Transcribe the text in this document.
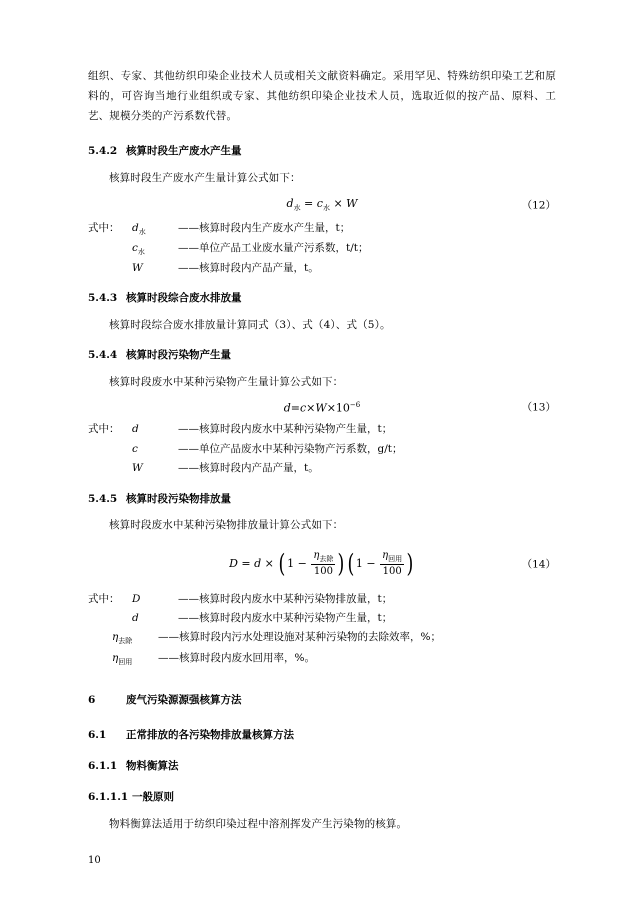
组织、专家、其他纺织印染企业技术人员或相关文献资料确定。采用罕见、特殊纺织印染工艺和原料的，可咨询当地行业组织或专家、其他纺织印染企业技术人员，选取近似的按产品、原料、工艺、规模分类的产污系数代替。

5.4.2 核算时段生产废水产生量

核算时段生产废水产生量计算公式如下：

$d_水 = c_水 \times W$	（12）
式中： $d_水$	——核算时段内生产废水产生量，t；
$c_水$	——单位产品工业废水量产污系数，t/t；
W	——核算时段内产品产量，t。
5.4.3 核算时段综合废水排放量

核算时段综合废水排放量计算同式（3）、式（4）、式（5）。

5.4.4 核算时段污染物产生量

核算时段废水中某种污染物产生量计算公式如下：

$d=c\times W\times 10^{-6}$	（13）
式中： d	——核算时段内废水中某种污染物产生量，t；
c	——单位产品废水中某种污染物产污系数，g/t；
W	——核算时段内产品产量，t。
5.4.5 核算时段污染物排放量

核算时段废水中某种污染物排放量计算公式如下：

$D = d \times (1 - \frac{\eta_{去除}}{100}$ ) ($1 - \frac{\eta_{回用}}{100}$ )	（14）
式中： D	——核算时段内废水中某种污染物排放量，t；
d	——核算时段内废水中某种污染物产生量，t；
$\eta_{去除}$ ——核算时段内污水处理设施对某种污染物的去除效率，%；
$\eta_{回用}$ ——核算时段内废水回用率，%。
6	废气污染源源强核算方法
6.1 正常排放的各污染物排放量核算方法
6.1.1 物料衡算法
6.1.1.1 一般原则

物料衡算法适用于纺织印染过程中溶剂挥发产生污染物的核算。

10
